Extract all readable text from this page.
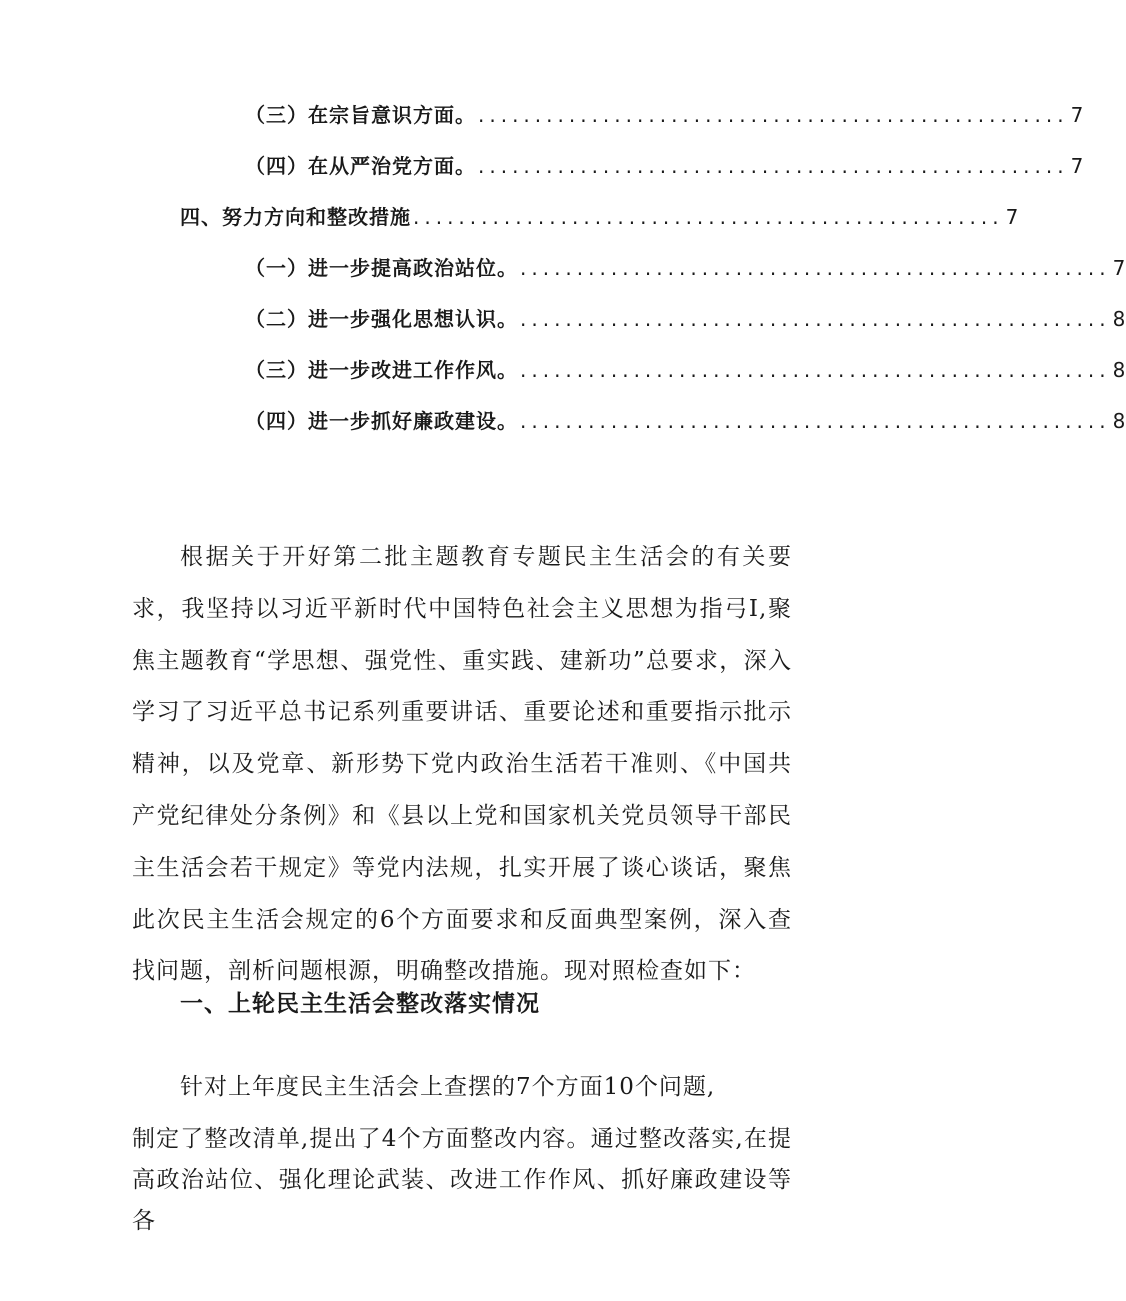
（三）在宗旨意识方面。 .................................................... 7
（四）在从严治党方面。 .................................................... 7
四、努力方向和整改措施 .................................................... 7
（一）进一步提高政治站位。 .................................................... 7
（二）进一步强化思想认识。 .................................................... 8
（三）进一步改进工作作风。 .................................................... 8
（四）进一步抓好廉政建设。 .................................................... 8

根据关于开好第二批主题教育专题民主生活会的有关要求，我坚持以习近平新时代中国特色社会主义思想为指弓I,聚焦主题教育“学思想、强党性、重实践、建新功”总要求，深入学习了习近平总书记系列重要讲话、重要论述和重要指示批示精神，以及党章、新形势下党内政治生活若干准则、《中国共产党纪律处分条例》和《县以上党和国家机关党员领导干部民主生活会若干规定》等党内法规，扎实开展了谈心谈话，聚焦此次民主生活会规定的6个方面要求和反面典型案例，深入查找问题，剖析问题根源，明确整改措施。现对照检查如下：

一、上轮民主生活会整改落实情况
针对上年度民主生活会上查摆的7个方面10个问题,

制定了整改清单,提出了4个方面整改内容。通过整改落实,在提高政治站位、强化理论武装、改进工作作风、抓好廉政建设等各
